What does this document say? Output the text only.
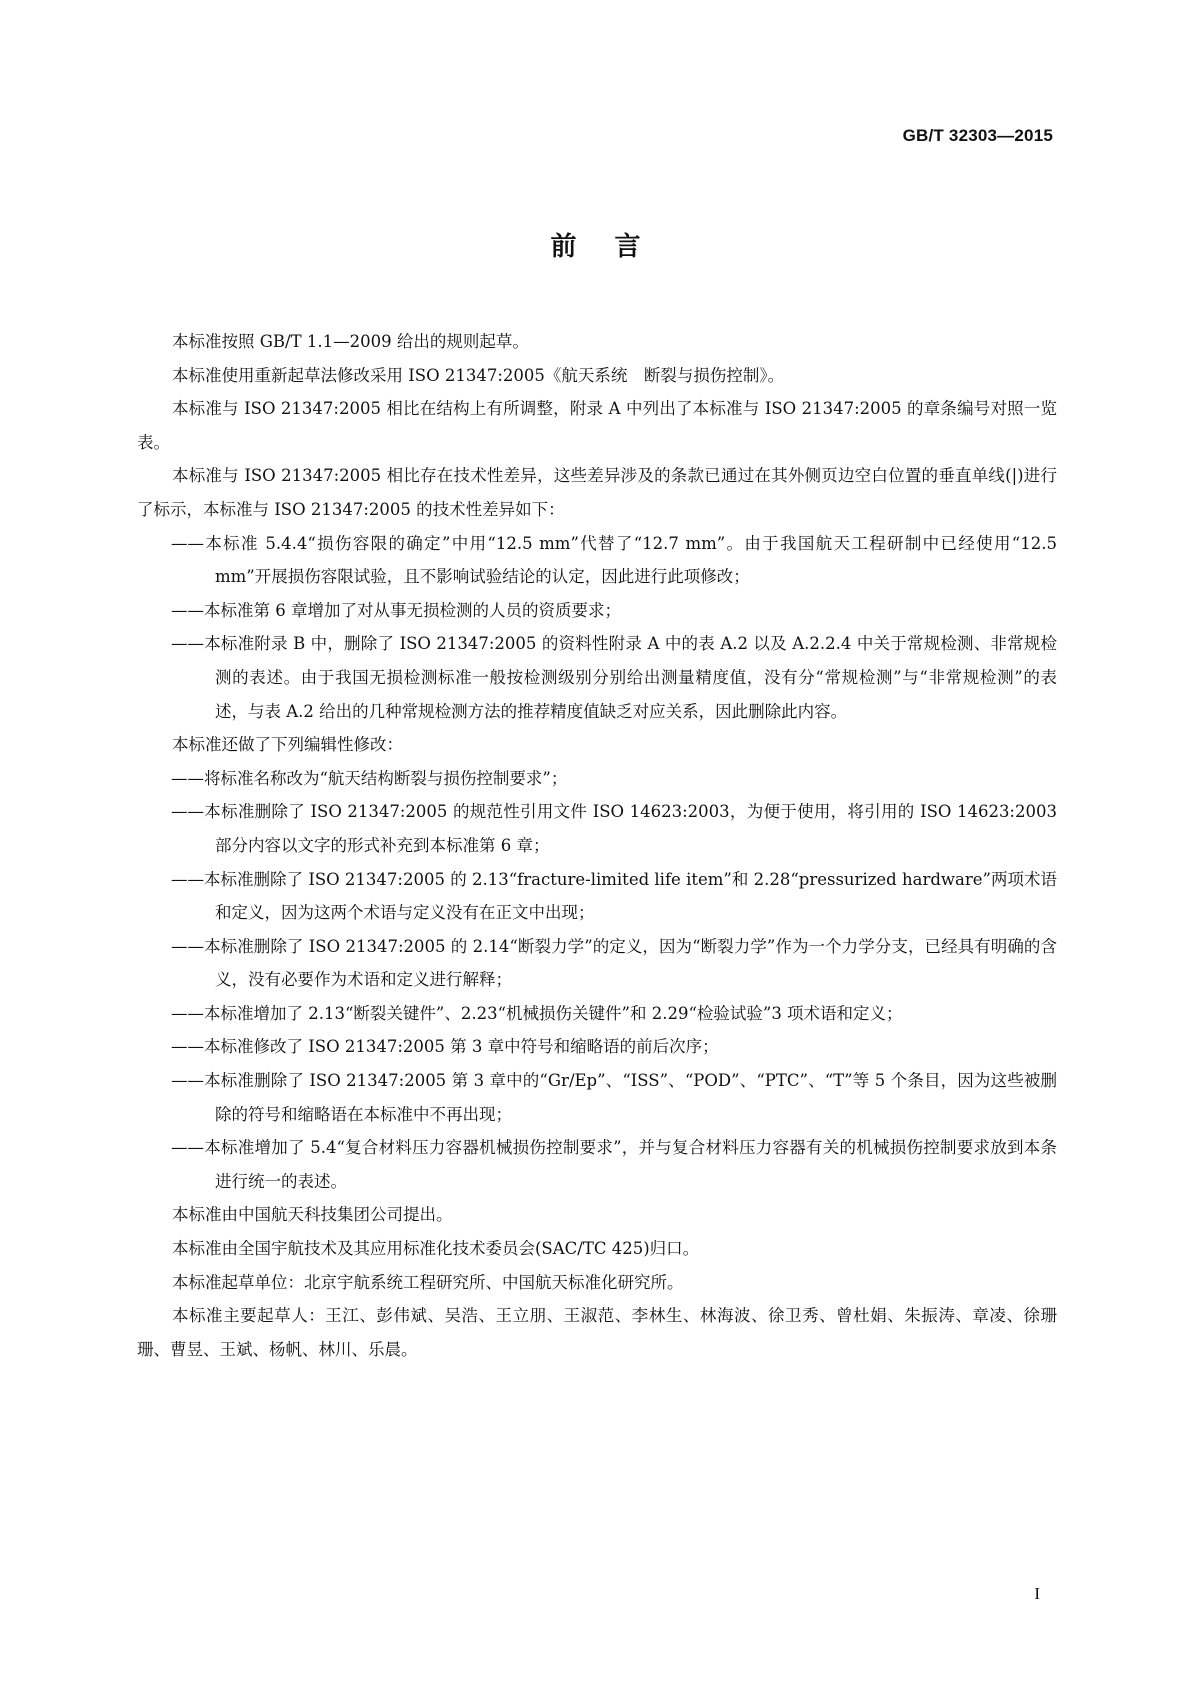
GB/T 32303—2015
前言

本标准按照 GB/T 1.1—2009 给出的规则起草。

本标准使用重新起草法修改采用 ISO 21347:2005《航天系统　断裂与损伤控制》。

本标准与 ISO 21347:2005 相比在结构上有所调整，附录 A 中列出了本标准与 ISO 21347:2005 的章条编号对照一览表。

本标准与 ISO 21347:2005 相比存在技术性差异，这些差异涉及的条款已通过在其外侧页边空白位置的垂直单线(|)进行了标示，本标准与 ISO 21347:2005 的技术性差异如下：

——本标准 5.4.4“损伤容限的确定”中用“12.5 mm”代替了“12.7 mm”。由于我国航天工程研制中已经使用“12.5 mm”开展损伤容限试验，且不影响试验结论的认定，因此进行此项修改；

——本标准第 6 章增加了对从事无损检测的人员的资质要求；

——本标准附录 B 中，删除了 ISO 21347:2005 的资料性附录 A 中的表 A.2 以及 A.2.2.4 中关于常规检测、非常规检测的表述。由于我国无损检测标准一般按检测级别分别给出测量精度值，没有分“常规检测”与“非常规检测”的表述，与表 A.2 给出的几种常规检测方法的推荐精度值缺乏对应关系，因此删除此内容。

本标准还做了下列编辑性修改：

——将标准名称改为“航天结构断裂与损伤控制要求”；

——本标准删除了 ISO 21347:2005 的规范性引用文件 ISO 14623:2003，为便于使用，将引用的 ISO 14623:2003 部分内容以文字的形式补充到本标准第 6 章；

——本标准删除了 ISO 21347:2005 的 2.13“fracture-limited life item”和 2.28“pressurized hardware”两项术语和定义，因为这两个术语与定义没有在正文中出现；

——本标准删除了 ISO 21347:2005 的 2.14“断裂力学”的定义，因为“断裂力学”作为一个力学分支，已经具有明确的含义，没有必要作为术语和定义进行解释；

——本标准增加了 2.13“断裂关键件”、2.23“机械损伤关键件”和 2.29“检验试验”3 项术语和定义；

——本标准修改了 ISO 21347:2005 第 3 章中符号和缩略语的前后次序；

——本标准删除了 ISO 21347:2005 第 3 章中的“Gr/Ep”、“ISS”、“POD”、“PTC”、“T”等 5 个条目，因为这些被删除的符号和缩略语在本标准中不再出现；

——本标准增加了 5.4“复合材料压力容器机械损伤控制要求”，并与复合材料压力容器有关的机械损伤控制要求放到本条进行统一的表述。

本标准由中国航天科技集团公司提出。

本标准由全国宇航技术及其应用标准化技术委员会(SAC/TC 425)归口。

本标准起草单位：北京宇航系统工程研究所、中国航天标准化研究所。

本标准主要起草人：王江、彭伟斌、吴浩、王立朋、王淑范、李林生、林海波、徐卫秀、曾杜娟、朱振涛、章凌、徐珊珊、曹昱、王斌、杨帆、林川、乐晨。

I
